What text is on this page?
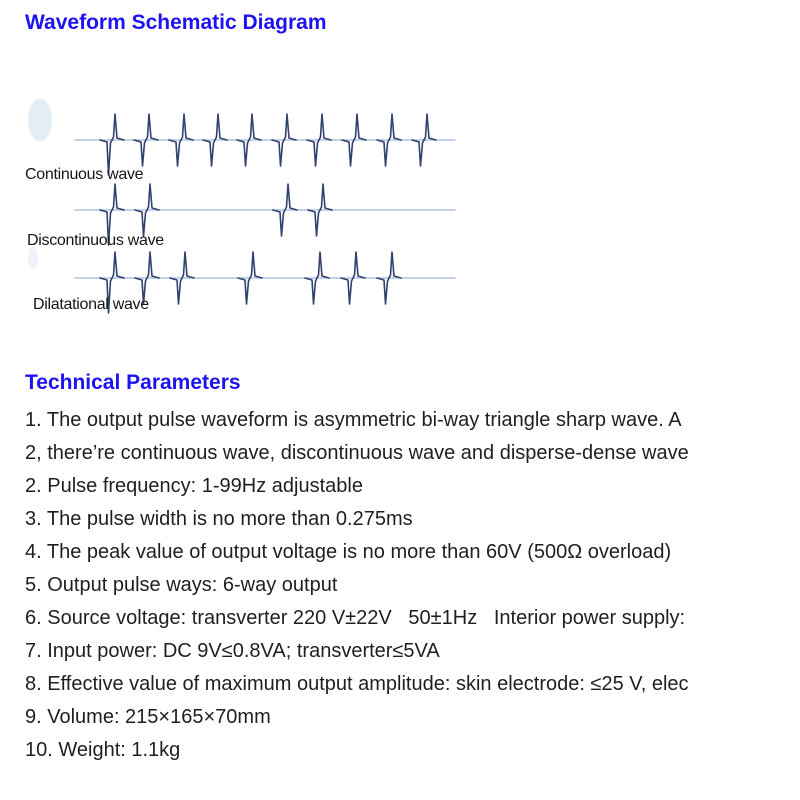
Waveform Schematic Diagram
Continuous wave
Discontinuous wave
Dilatational wave
Technical Parameters
1. The output pulse waveform is asymmetric bi-way triangle sharp wave. A
2, there’re continuous wave, discontinuous wave and disperse-dense wave
2. Pulse frequency: 1-99Hz adjustable
3. The pulse width is no more than 0.275ms
4. The peak value of output voltage is no more than 60V (500Ω overload)
5. Output pulse ways: 6-way output
6. Source voltage: transverter 220 V±22V   50±1Hz   Interior power supply:
7. Input power: DC 9V≤0.8VA; transverter≤5VA
8. Effective value of maximum output amplitude: skin electrode: ≤25 V, elec
9. Volume: 215×165×70mm
10. Weight: 1.1kg
